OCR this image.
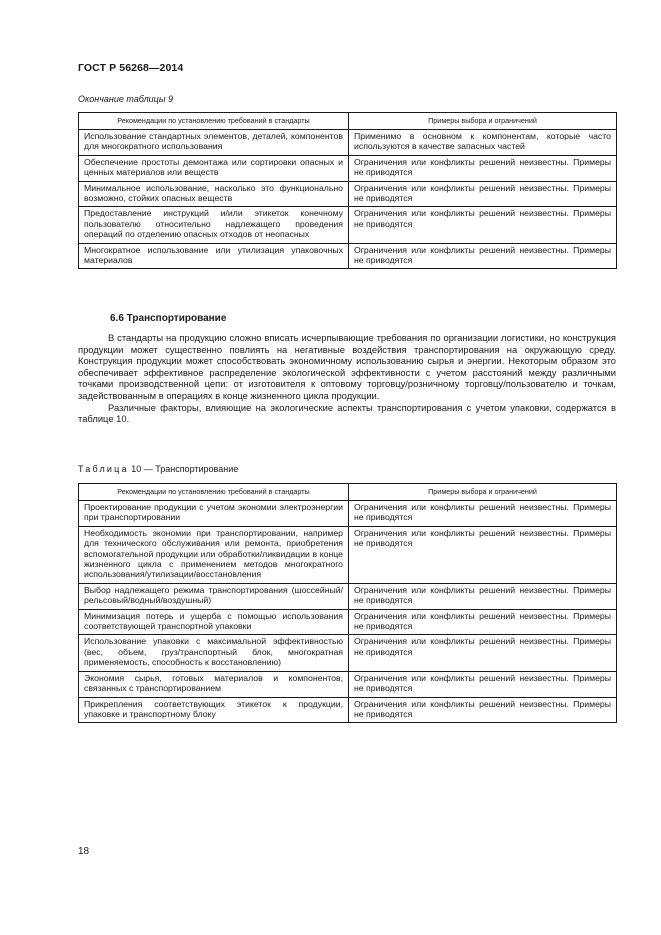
ГОСТ Р 56268—2014
Окончание таблицы 9
Рекомендации по установлению требований в стандарты	Примеры выбора и ограничений
Использование стандартных элементов, деталей, компонентов для многократного использования	Применимо в основном к компонентам, которые часто используются в качестве запасных частей
Обеспечение простоты демонтажа или сортировки опасных и ценных материалов или веществ	Ограничения или конфликты решений неизвестны. Примеры не приводятся
Минимальное использование, насколько это функционально возможно, стойких опасных веществ	Ограничения или конфликты решений неизвестны. Примеры не приводятся
Предоставление инструкций и/или этикеток конечному пользователю относительно надлежащего проведения операций по отделению опасных отходов от неопасных	Ограничения или конфликты решений неизвестны. Примеры не приводятся
Многократное использование или утилизация упаковочных материалов	Ограничения или конфликты решений неизвестны. Примеры не приводятся
6.6 Транспортирование

В стандарты на продукцию сложно вписать исчерпывающие требования по организации логистики, но конструкция продукции может существенно повлиять на негативные воздействия транспортирования на окружающую среду. Конструкция продукции может способствовать экономичному использованию сырья и энергии. Некоторым образом это обеспечивает эффективное распределение экологической эффективности с учетом расстояний между различными точками производственной цепи: от изготовителя к оптовому торговцу/розничному торговцу/пользователю и точкам, задействованным в операциях в конце жизненного цикла продукции.

Различные факторы, влияющие на экологические аспекты транспортирования с учетом упаковки, содержатся в таблице 10.

Таблица 10 — Транспортирование
Рекомендации по установлению требований в стандарты	Примеры выбора и ограничений
Проектирование продукции с учетом экономии электроэнергии при транспортировании	Ограничения или конфликты решений неизвестны. Примеры не приводятся
Необходимость экономии при транспортировании, например для технического обслуживания или ремонта, приобретения вспомогательной продукции или обработки/ликвидации в конце жизненного цикла с применением методов многократного использования/утилизации/восстановления	Ограничения или конфликты решений неизвестны. Примеры не приводятся
Выбор надлежащего режима транспортирования (шоссейный/рельсовый/водный/воздушный)	Ограничения или конфликты решений неизвестны. Примеры не приводятся
Минимизация потерь и ущерба с помощью использования соответствующей транспортной упаковки	Ограничения или конфликты решений неизвестны. Примеры не приводятся
Использование упаковки с максимальной эффективностью (вес, объем, груз/транспортный блок, многократная применяемость, способность к восстановлению)	Ограничения или конфликты решений неизвестны. Примеры не приводятся
Экономия сырья, готовых материалов и компонентов, связанных с транспортированием	Ограничения или конфликты решений неизвестны. Примеры не приводятся
Прикрепления соответствующих этикеток к продукции, упаковке и транспортному блоку	Ограничения или конфликты решений неизвестны. Примеры не приводятся
18
